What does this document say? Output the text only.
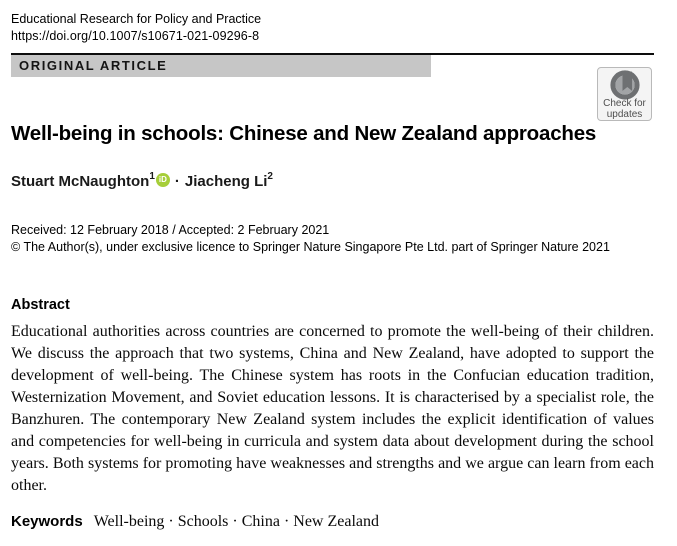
Educational Research for Policy and Practice
https://doi.org/10.1007/s10671-021-09296-8
ORIGINAL ARTICLE
Check for
updates
Well-being in schools: Chinese and New Zealand approaches
Stuart McNaughton$^1$ iD · Jiacheng Li$^2$
Received: 12 February 2018 / Accepted: 2 February 2021
© The Author(s), under exclusive licence to Springer Nature Singapore Pte Ltd. part of Springer Nature 2021
Abstract

Educational authorities across countries are concerned to promote the well-being of their children. We discuss the approach that two systems, China and New Zealand, have adopted to support the development of well-being. The Chinese system has roots in the Confucian education tradition, Westernization Movement, and Soviet education lessons. It is characterised by a specialist role, the Banzhuren. The contemporary New Zealand system includes the explicit identification of values and competencies for well-being in curricula and system data about development during the school years. Both systems for promoting have weaknesses and strengths and we argue can learn from each other.

Keywords Well-being · Schools · China · New Zealand
